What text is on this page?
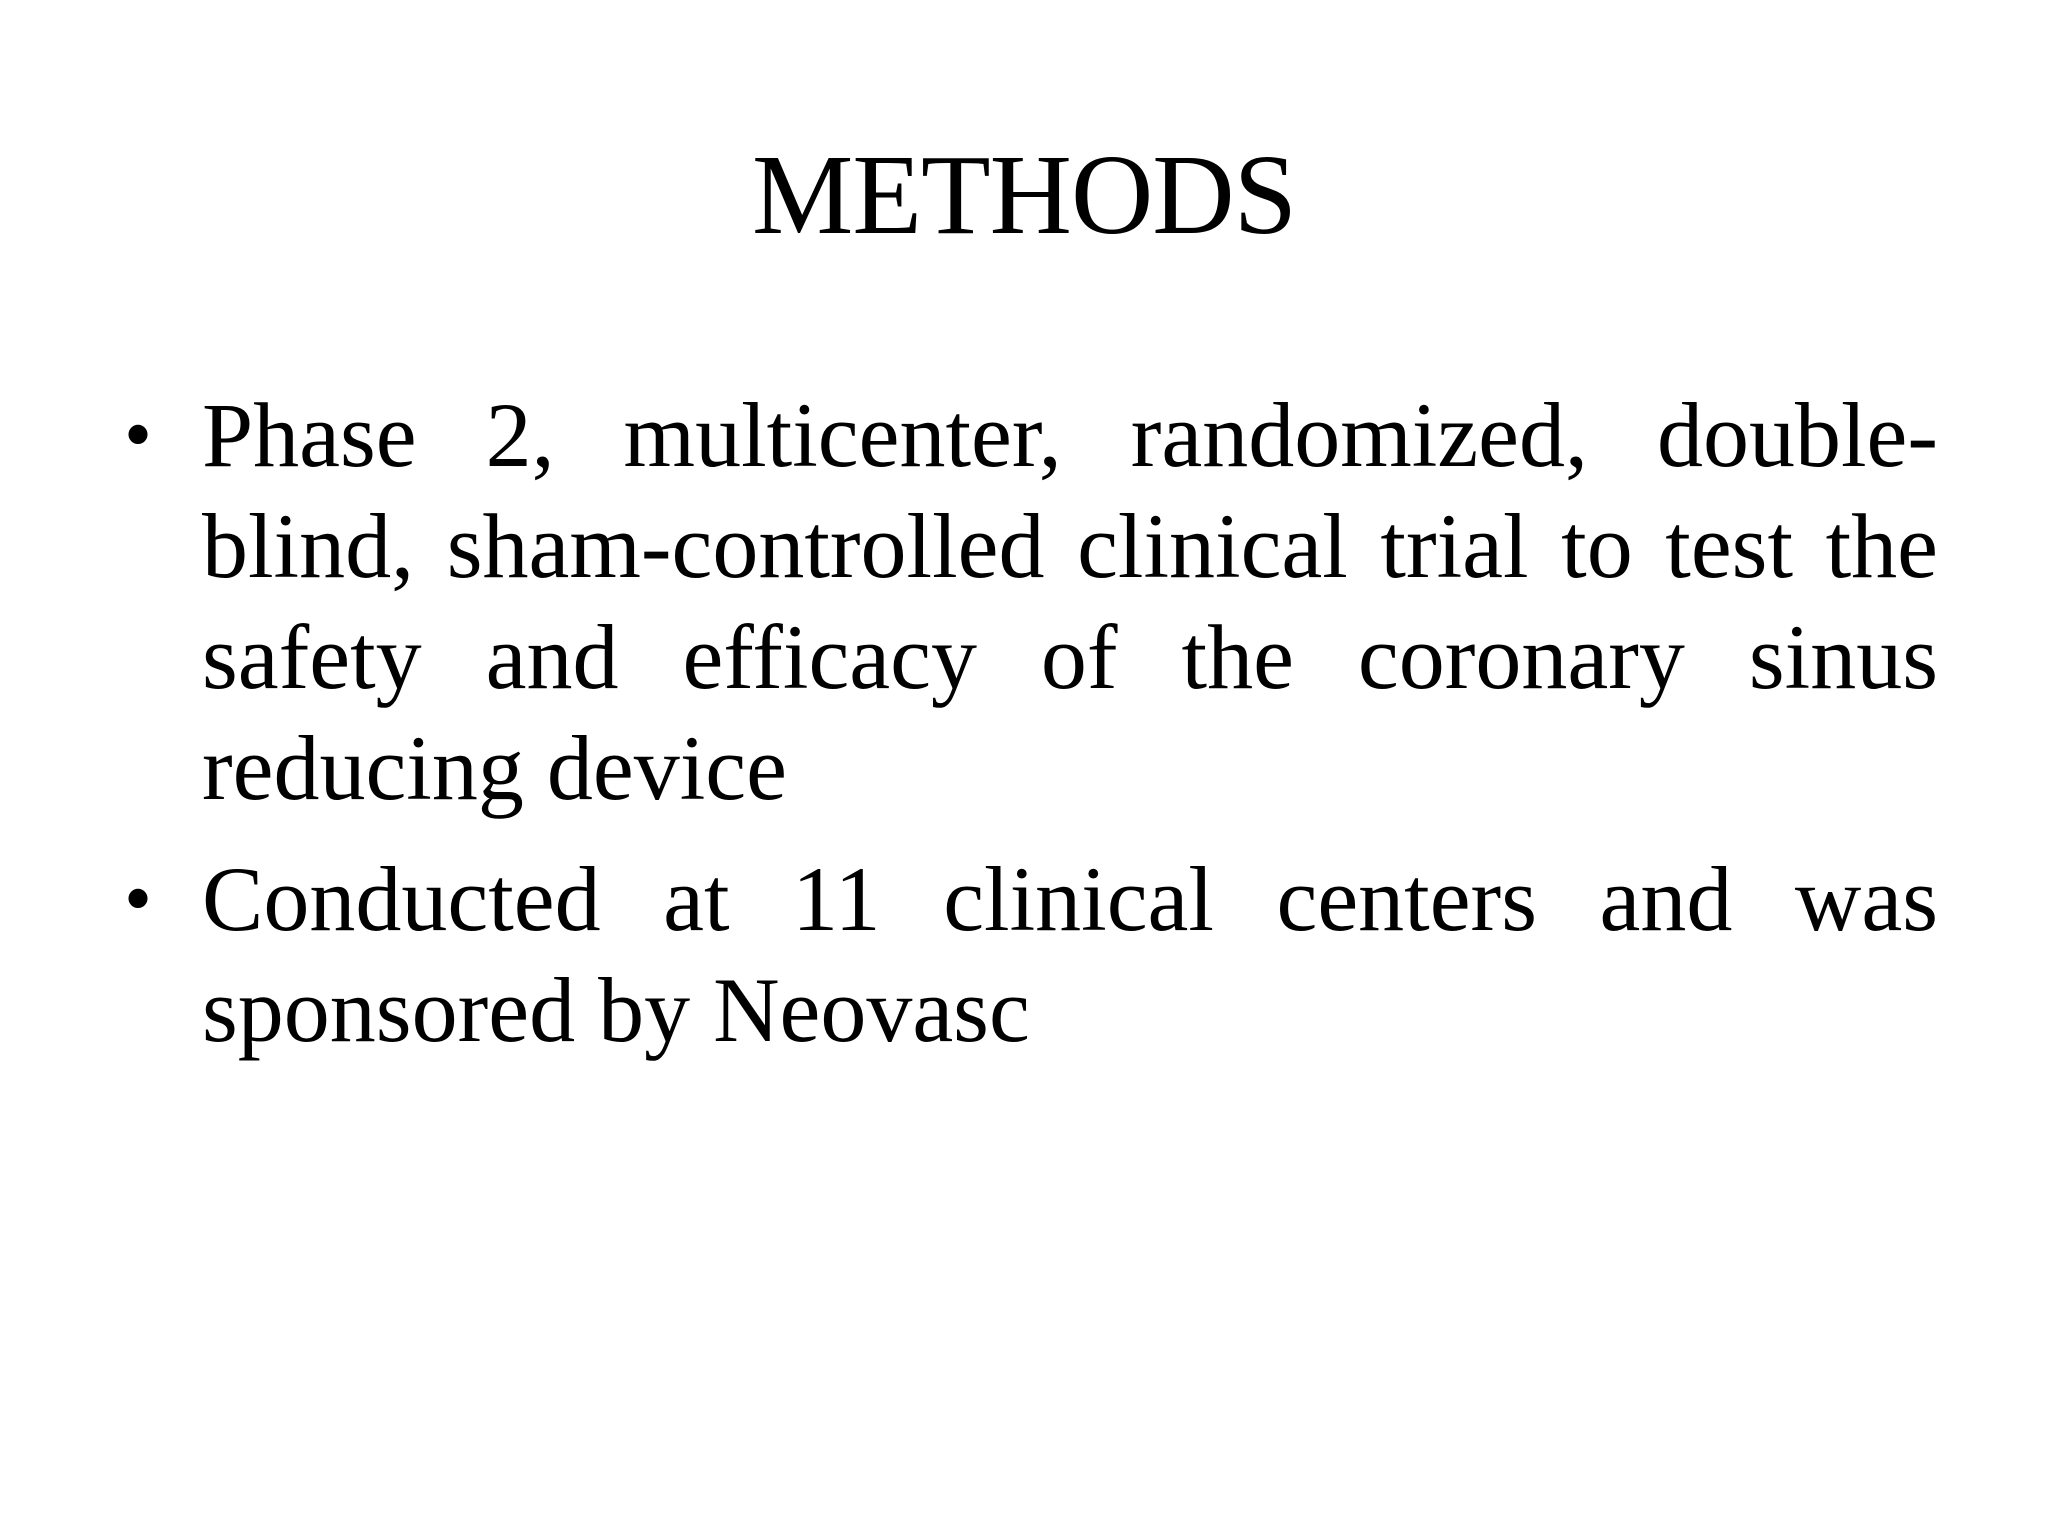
METHODS
• Phase 2, multicenter, randomized, double-blind, sham-controlled clinical trial to test the safety and efficacy of the coronary sinus reducing device
• Conducted at 11 clinical centers and was sponsored by Neovasc
